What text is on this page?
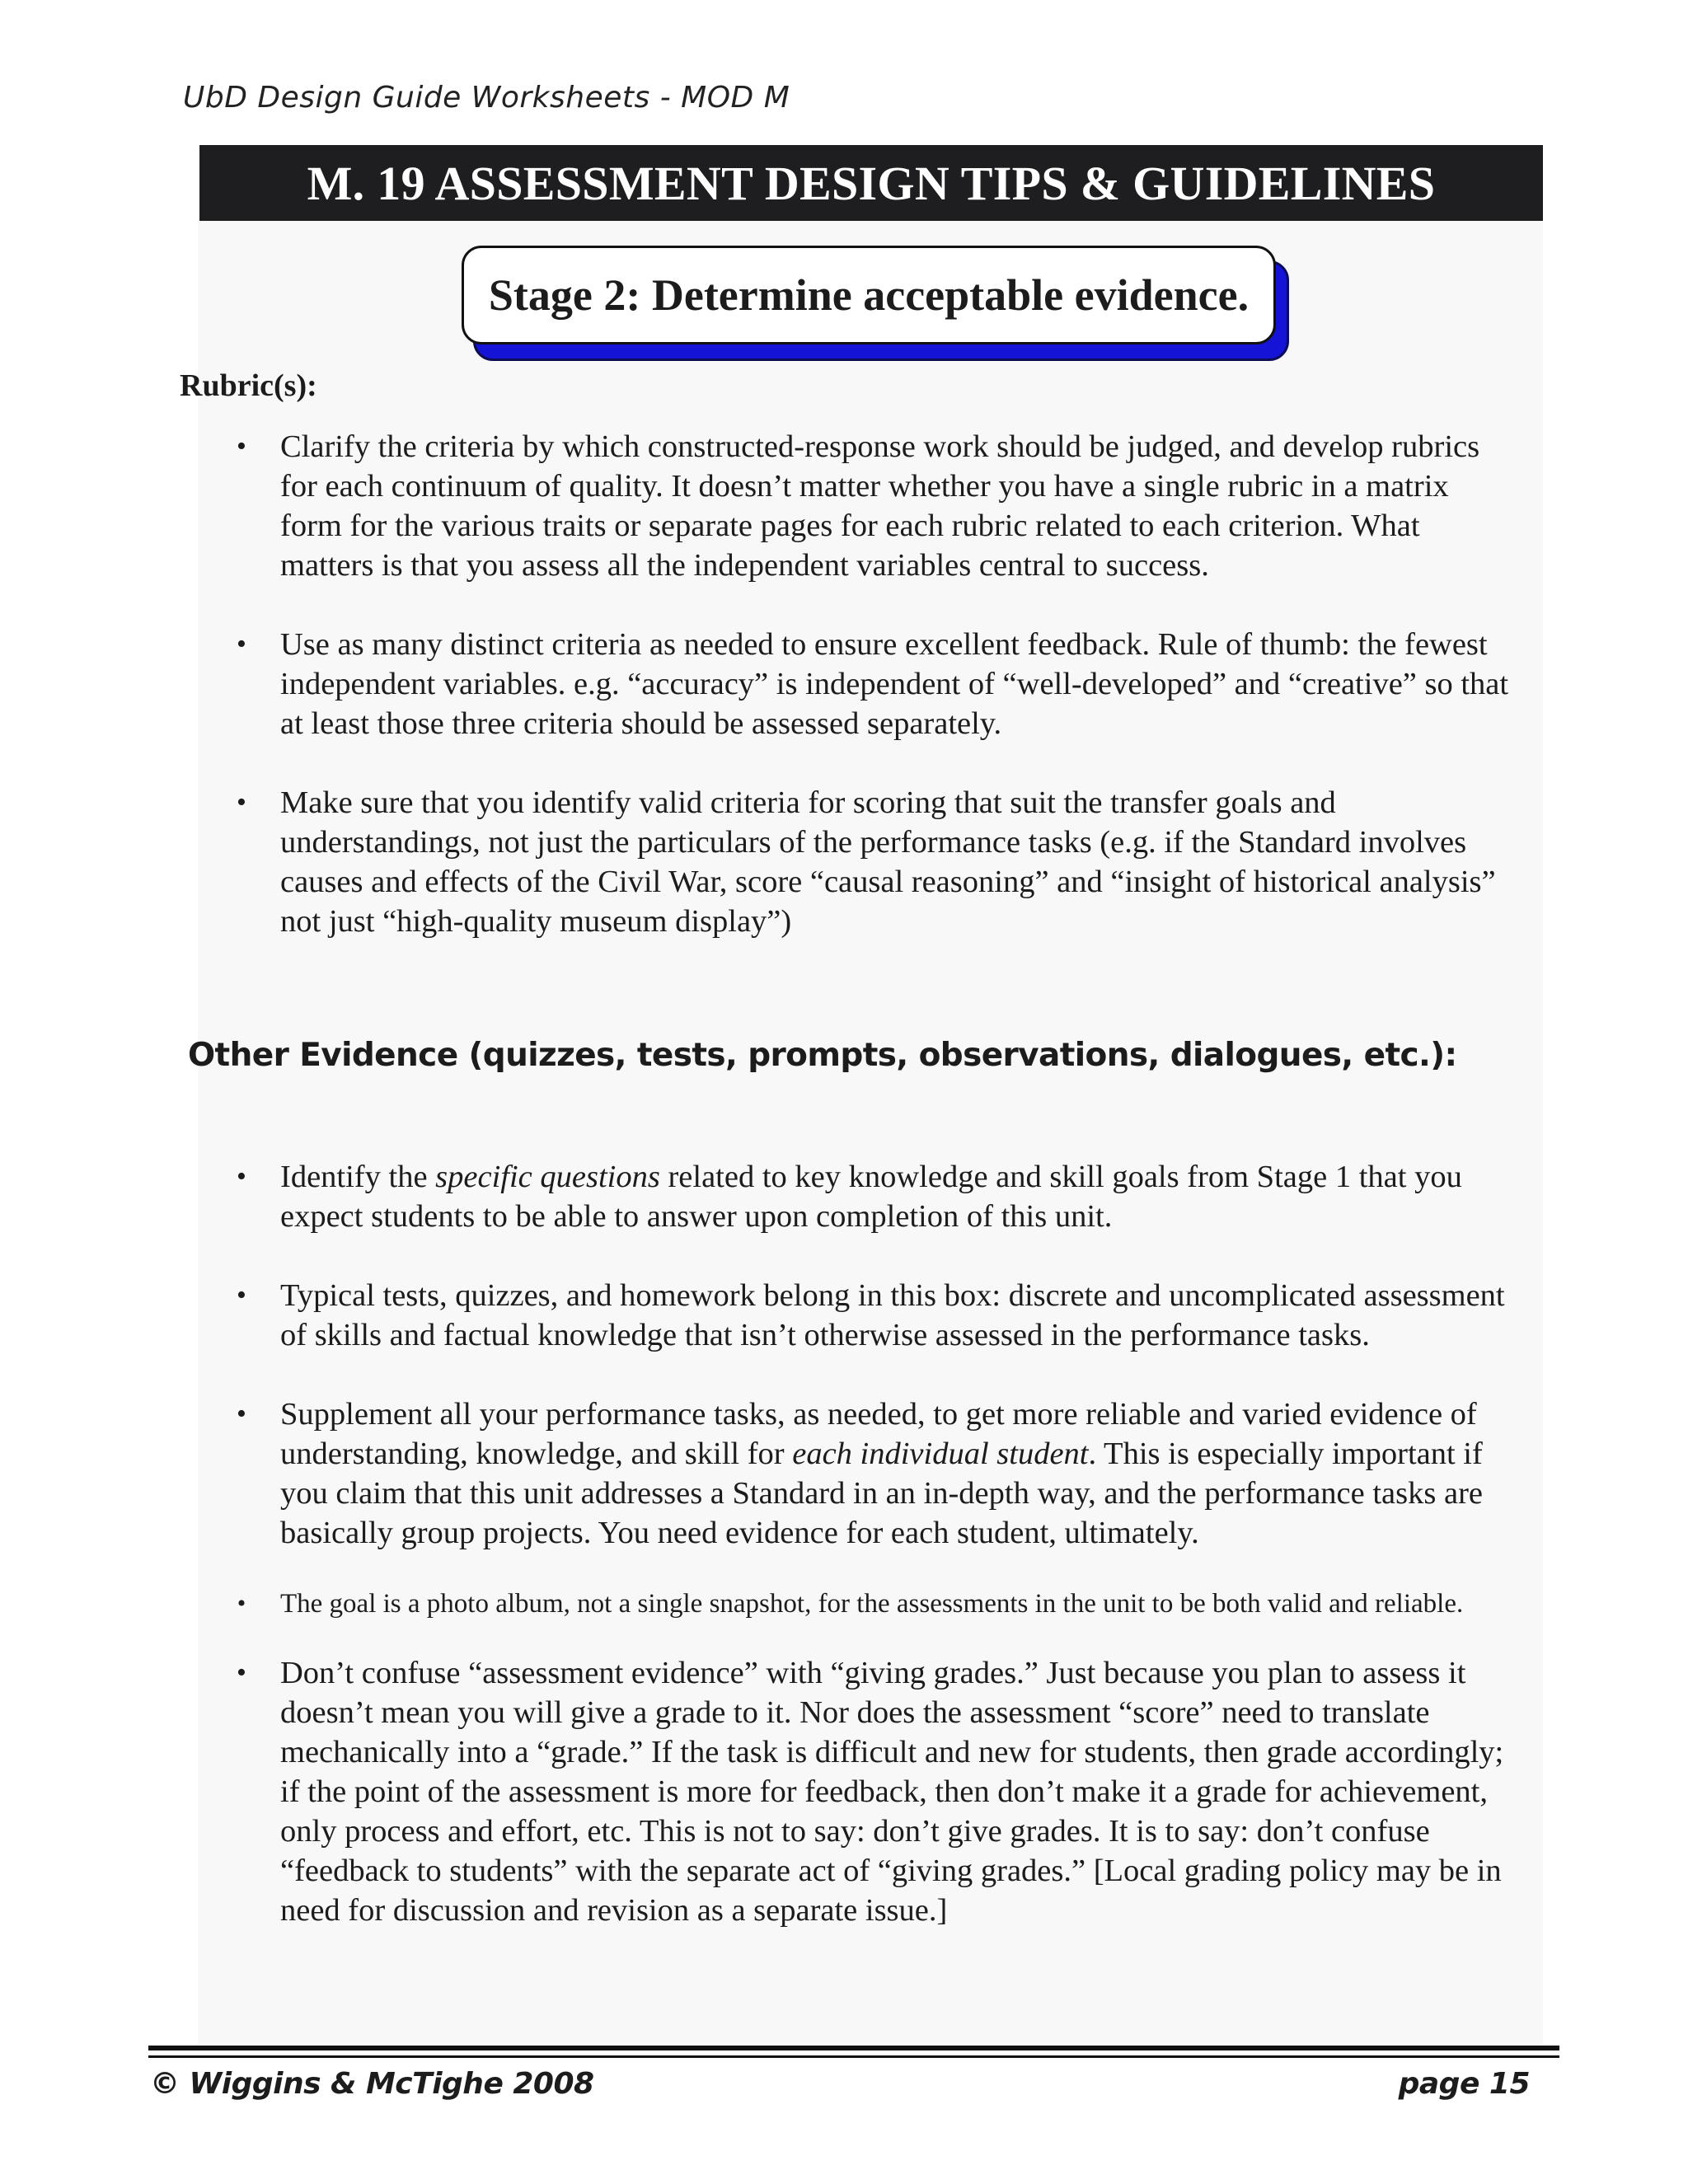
UbD Design Guide Worksheets - MOD M
M. 19 ASSESSMENT DESIGN TIPS & GUIDELINES
Stage 2: Determine acceptable evidence.
Rubric(s):
• Clarify the criteria by which constructed-response work should be judged, and develop rubrics for each continuum of quality. It doesn’t matter whether you have a single rubric in a matrix form for the various traits or separate pages for each rubric related to each criterion. What matters is that you assess all the independent variables central to success.
• Use as many distinct criteria as needed to ensure excellent feedback. Rule of thumb: the fewest independent variables. e.g. “accuracy” is independent of “well-developed” and “creative” so that at least those three criteria should be assessed separately.
• Make sure that you identify valid criteria for scoring that suit the transfer goals and understandings, not just the particulars of the performance tasks (e.g. if the Standard involves causes and effects of the Civil War, score “causal reasoning” and “insight of historical analysis” not just “high-quality museum display”)
Other Evidence (quizzes, tests, prompts, observations, dialogues, etc.):
• Identify the specific questions related to key knowledge and skill goals from Stage 1 that you expect students to be able to answer upon completion of this unit.
• Typical tests, quizzes, and homework belong in this box: discrete and uncomplicated assessment of skills and factual knowledge that isn’t otherwise assessed in the performance tasks.
• Supplement all your performance tasks, as needed, to get more reliable and varied evidence of understanding, knowledge, and skill for each individual student. This is especially important if you claim that this unit addresses a Standard in an in-depth way, and the performance tasks are basically group projects. You need evidence for each student, ultimately.
• The goal is a photo album, not a single snapshot, for the assessments in the unit to be both valid and reliable.
• Don’t confuse “assessment evidence” with “giving grades.” Just because you plan to assess it doesn’t mean you will give a grade to it. Nor does the assessment “score” need to translate mechanically into a “grade.” If the task is difficult and new for students, then grade accordingly; if the point of the assessment is more for feedback, then don’t make it a grade for achievement, only process and effort, etc. This is not to say: don’t give grades. It is to say: don’t confuse “feedback to students” with the separate act of “giving grades.” [Local grading policy may be in need for discussion and revision as a separate issue.]
© Wiggins & McTighe 2008	page 15
